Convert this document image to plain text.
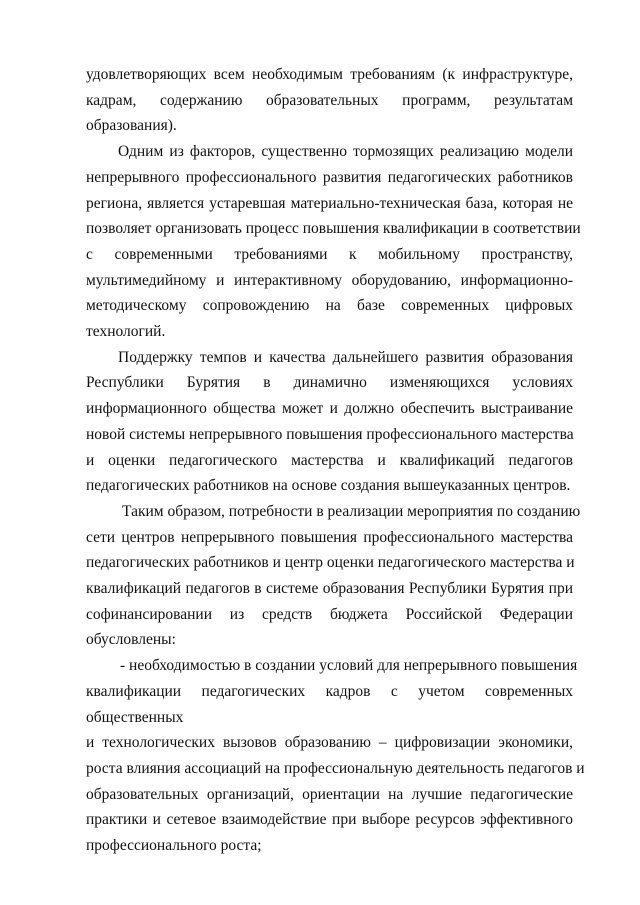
удовлетворяющих всем необходимым требованиям (к инфраструктуре,
кадрам, содержанию образовательных программ, результатам
образования).
Одним из факторов, существенно тормозящих реализацию модели
непрерывного профессионального развития педагогических работников
региона, является устаревшая материально-техническая база, которая не
позволяет организовать процесс повышения квалификации в соответствии
с современными требованиями к мобильному пространству,
мультимедийному и интерактивному оборудованию, информационно-
методическому сопровождению на базе современных цифровых
технологий.
Поддержку темпов и качества дальнейшего развития образования
Республики Бурятия в динамично изменяющихся условиях
информационного общества может и должно обеспечить выстраивание
новой системы непрерывного повышения профессионального мастерства
и оценки педагогического мастерства и квалификаций педагогов
педагогических работников на основе создания вышеуказанных центров.
Таким образом, потребности в реализации мероприятия по созданию
сети центров непрерывного повышения профессионального мастерства
педагогических работников и центр оценки педагогического мастерства и
квалификаций педагогов в системе образования Республики Бурятия при
софинансировании из средств бюджета Российской Федерации
обусловлены:
- необходимостью в создании условий для непрерывного повышения
квалификации педагогических кадров с учетом современных
общественных
и технологических вызовов образованию – цифровизации экономики,
роста влияния ассоциаций на профессиональную деятельность педагогов и
образовательных организаций, ориентации на лучшие педагогические
практики и сетевое взаимодействие при выборе ресурсов эффективного
профессионального роста;
